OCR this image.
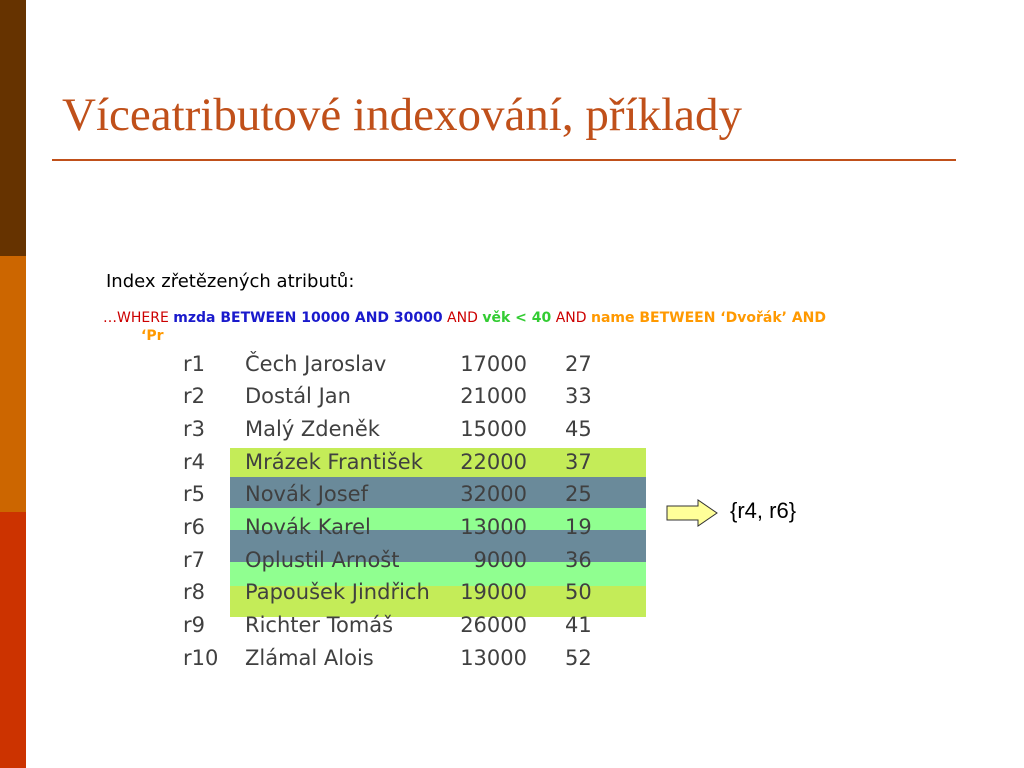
Víceatributové indexování, příklady
Index zřetězených atributů:
…WHERE mzda BETWEEN 10000 AND 30000 AND věk < 40 AND name BETWEEN ‘Dvořák’ AND
‘Pr
r1 Čech Jaroslav	17000 27
r2 Dostál Jan	21000 33
r3 Malý Zdeněk	15000 45
r4 Mrázek František	22000 37
r5 Novák Josef	32000 25
r6 Novák Karel	13000 19
r7 Oplustil Arnošt	9000 36
r8 Papoušek Jindřich	19000 50
r9 Richter Tomáš	26000 41
r10 Zlámal Alois	13000 52
{r4, r6}
